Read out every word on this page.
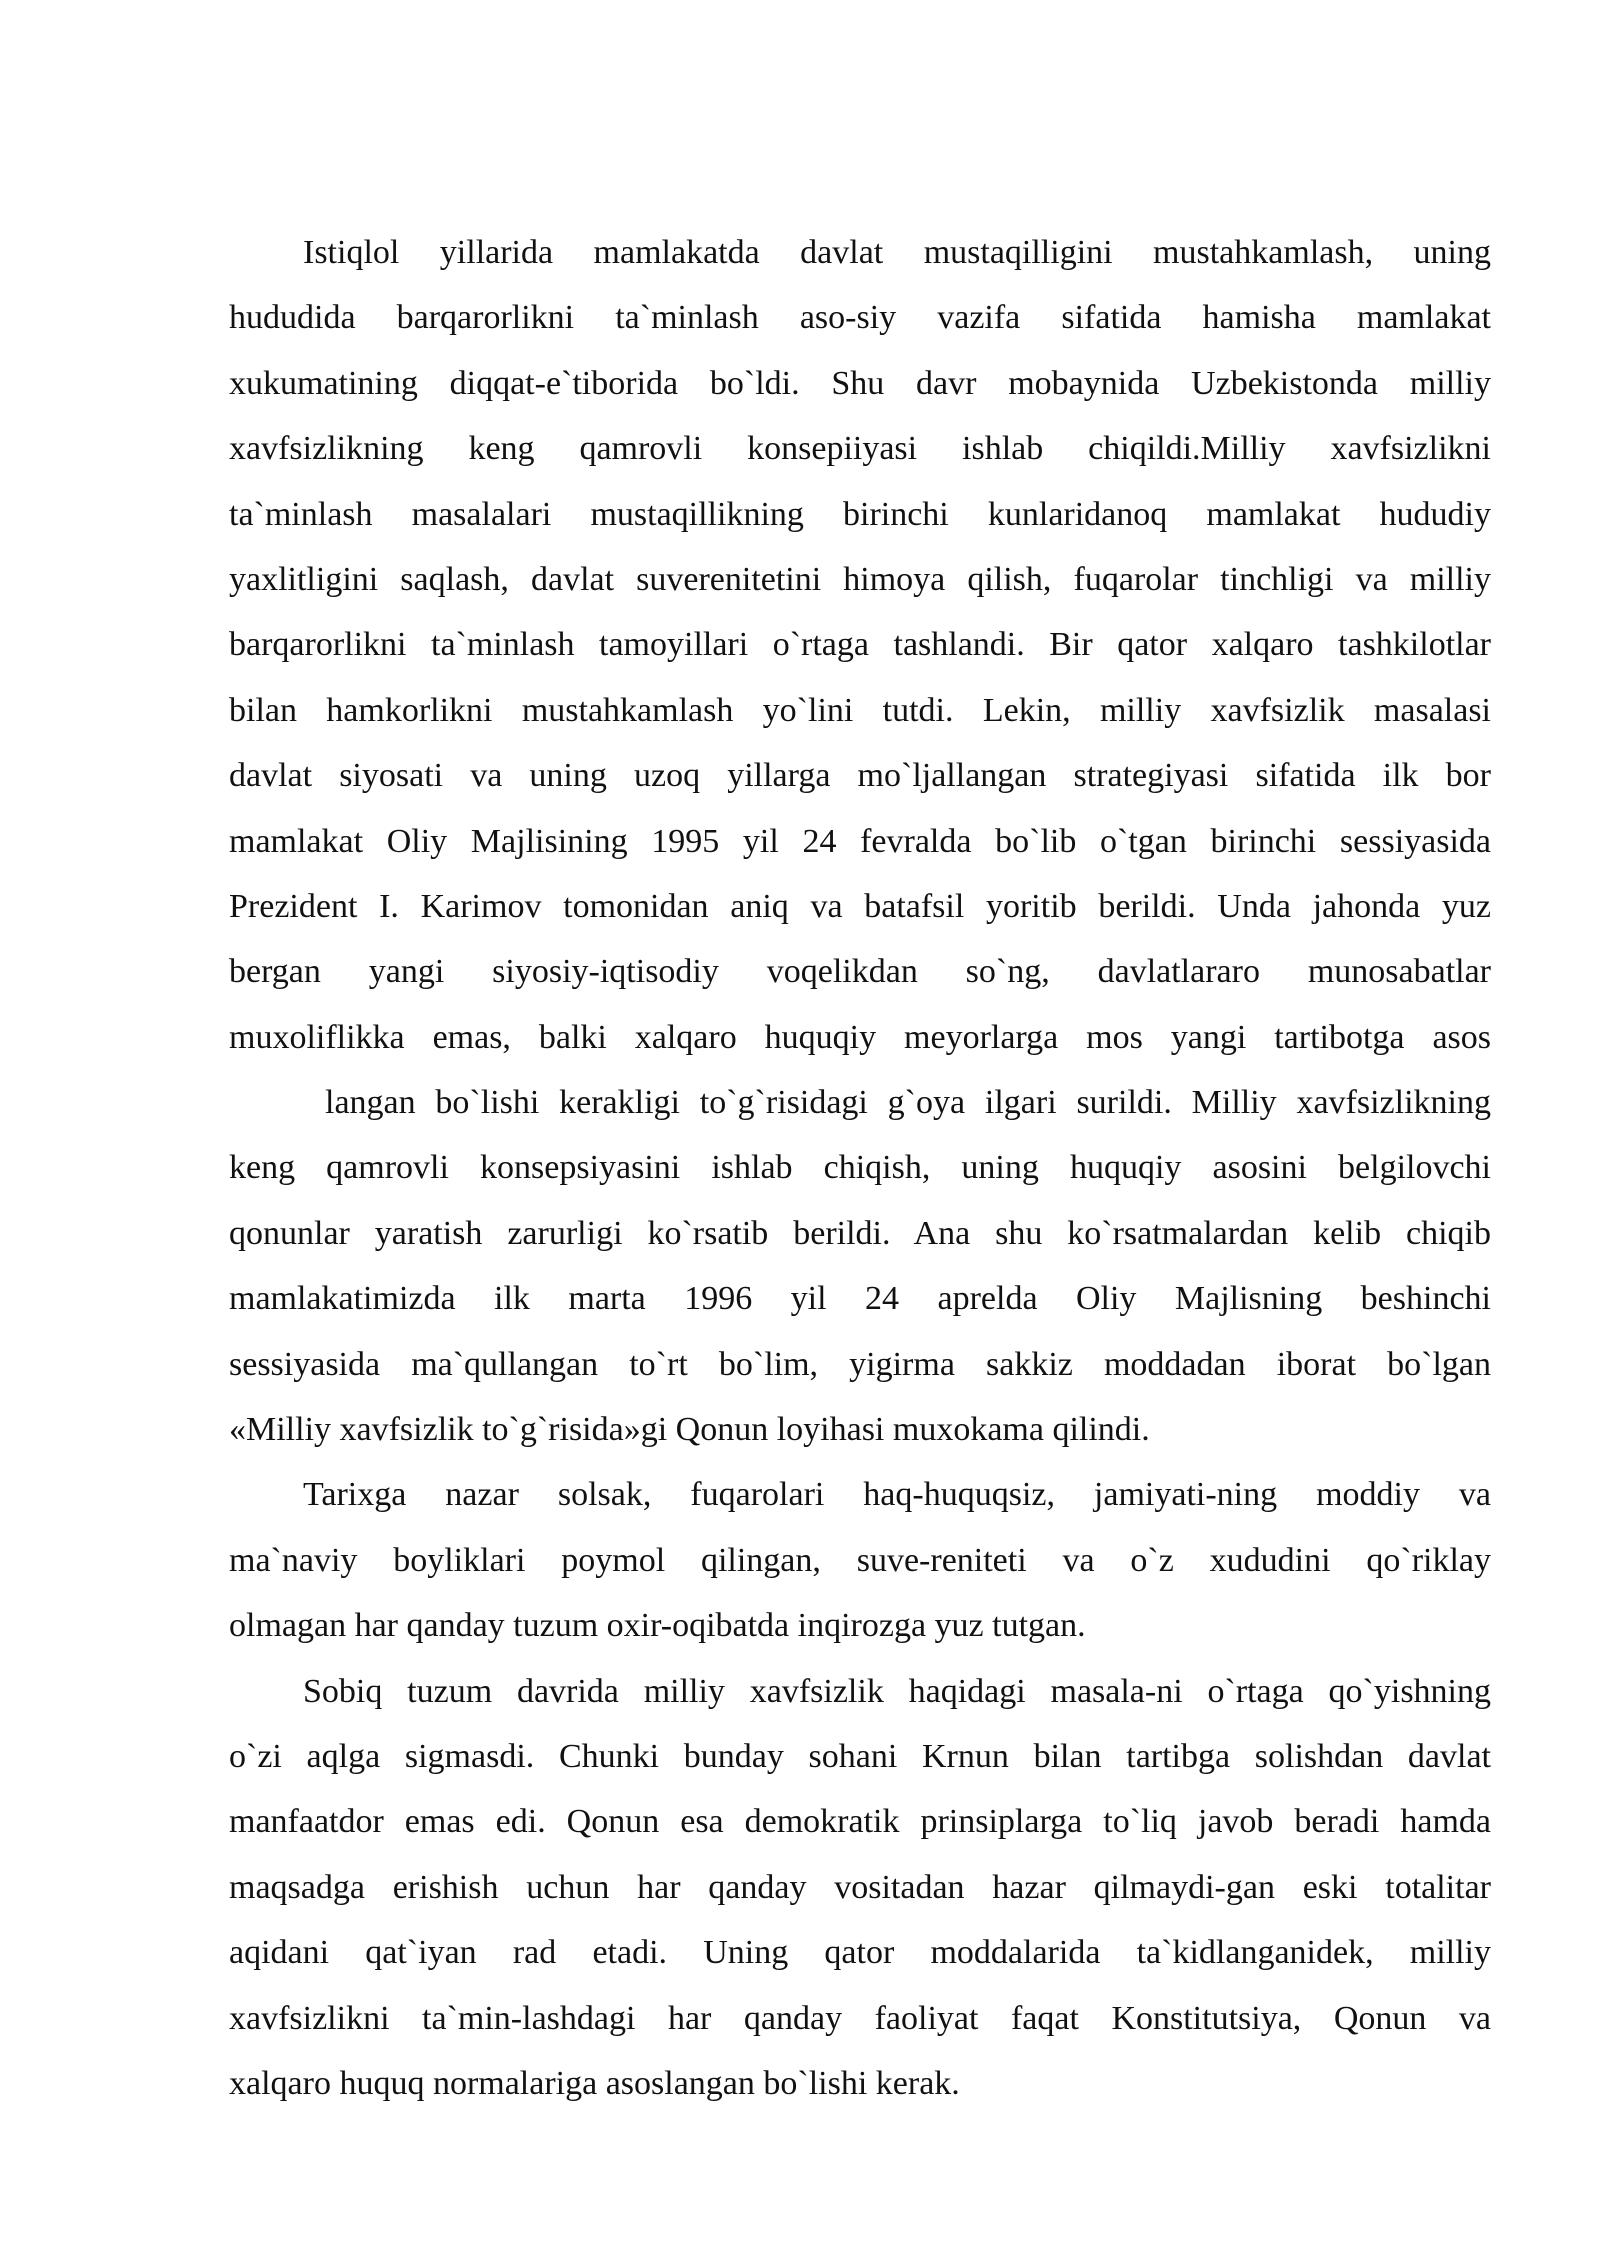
Istiqlol yillarida mamlakatda davlat mustaqilligini mustahkamlash, uning
hududida barqarorlikni ta`minlash aso-siy vazifa sifatida hamisha mamlakat
xukumatining diqqat-e`tiborida bo`ldi. Shu davr mobaynida Uzbekistonda milliy
xavfsizlikning keng qamrovli konsepiiyasi ishlab chiqildi.Milliy xavfsizlikni
ta`minlash masalalari mustaqillikning birinchi kunlaridanoq mamlakat hududiy
yaxlitligini saqlash, davlat suverenitetini himoya qilish, fuqarolar tinchligi va milliy
barqarorlikni ta`minlash tamoyillari o`rtaga tashlandi. Bir qator xalqaro tashkilotlar
bilan hamkorlikni mustahkamlash yo`lini tutdi. Lekin, milliy xavfsizlik masalasi
davlat siyosati va uning uzoq yillarga mo`ljallangan strategiyasi sifatida ilk bor
mamlakat Oliy Majlisining 1995 yil 24 fevralda bo`lib o`tgan birinchi sessiyasida
Prezident I. Karimov tomonidan aniq va batafsil yoritib berildi. Unda jahonda yuz
bergan yangi siyosiy-iqtisodiy voqelikdan so`ng, davlatlararo munosabatlar
muxoliflikka emas, balki xalqaro huquqiy meyorlarga mos yangi tartibotga asos
langan bo`lishi kerakligi to`g`risidagi g`oya ilgari surildi. Milliy xavfsizlikning
keng qamrovli konsepsiyasini ishlab chiqish, uning huquqiy asosini belgilovchi
qonunlar yaratish zarurligi ko`rsatib berildi. Ana shu ko`rsatmalardan kelib chiqib
mamlakatimizda ilk marta 1996 yil 24 aprelda Oliy Majlisning beshinchi
sessiyasida ma`qullangan to`rt bo`lim, yigirma sakkiz moddadan iborat bo`lgan
«Milliy xavfsizlik to`g`risida»gi Qonun loyihasi muxokama qilindi.
Tarixga nazar solsak, fuqarolari haq-huquqsiz, jamiyati-ning moddiy va
ma`naviy boyliklari poymol qilingan, suve-reniteti va o`z xududini qo`riklay
olmagan har qanday tuzum oxir-oqibatda inqirozga yuz tutgan.
Sobiq tuzum davrida milliy xavfsizlik haqidagi masala-ni o`rtaga qo`yishning
o`zi aqlga sigmasdi. Chunki bunday sohani Krnun bilan tartibga solishdan davlat
manfaatdor emas edi. Qonun esa demokratik prinsiplarga to`liq javob beradi hamda
maqsadga erishish uchun har qanday vositadan hazar qilmaydi-gan eski totalitar
aqidani qat`iyan rad etadi. Uning qator moddalarida ta`kidlanganidek, milliy
xavfsizlikni ta`min-lashdagi har qanday faoliyat faqat Konstitutsiya, Qonun va
xalqaro huquq normalariga asoslangan bo`lishi kerak.
